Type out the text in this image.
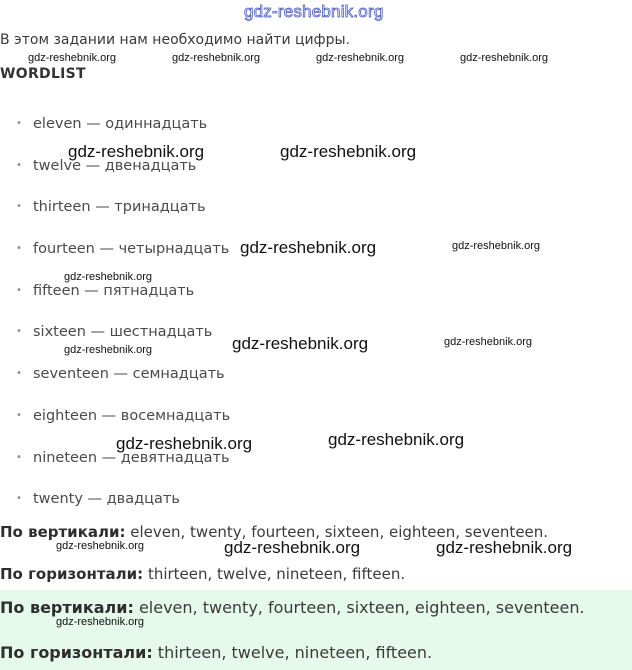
gdz-reshebnik.org
В этом задании нам необходимо найти цифры.
WORDLIST
• eleven — одиннадцать
• twelve — двенадцать
• thirteen — тринадцать
• fourteen — четырнадцать
• fifteen — пятнадцать
• sixteen — шестнадцать
• seventeen — семнадцать
• eighteen — восемнадцать
• nineteen — девятнадцать
• twenty — двадцать
По вертикали: eleven, twenty, fourteen, sixteen, eighteen, seventeen.
По горизонтали: thirteen, twelve, nineteen, fifteen.
По вертикали: eleven, twenty, fourteen, sixteen, eighteen, seventeen.
По горизонтали: thirteen, twelve, nineteen, fifteen.
gdz-reshebnik.org	gdz-reshebnik.org	gdz-reshebnik.org	gdz-reshebnik.org
gdz-reshebnik.org	gdz-reshebnik.org
gdz-reshebnik.org	gdz-reshebnik.org
gdz-reshebnik.org
gdz-reshebnik.org	gdz-reshebnik.org
gdz-reshebnik.org
gdz-reshebnik.org	gdz-reshebnik.org
gdz-reshebnik.org	gdz-reshebnik.org	gdz-reshebnik.org
gdz-reshebnik.org
